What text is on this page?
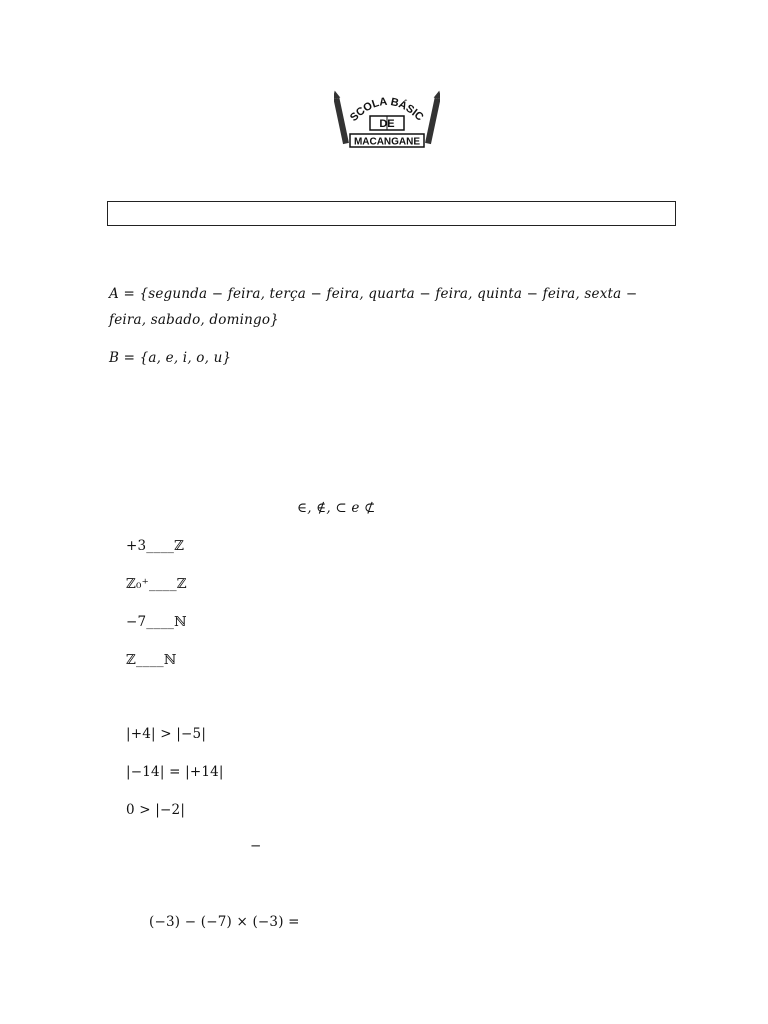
SCOLA BÁSIC
DE
MACANGANE
A = {segunda − feira, terça − feira, quarta − feira, quinta − feira, sexta −
feira, sabado, domingo}
B = {a, e, i, o, u}
∈, ∉, ⊂ e ⊄
+3____ℤ
ℤ₀⁺____ℤ
−7____ℕ
ℤ____ℕ
|+4| > |−5|
|−14| = |+14|
0 > |−2|
−
(−3) − (−7) × (−3) =
